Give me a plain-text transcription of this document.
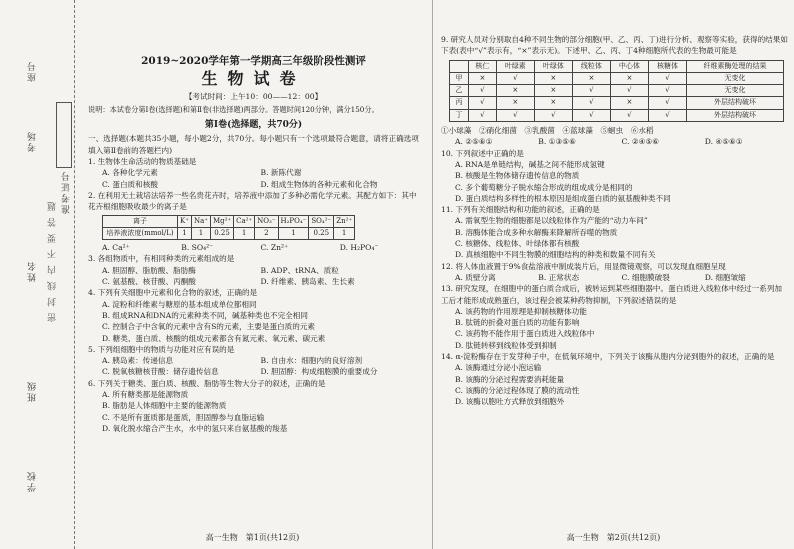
准考证号
学校
班级
姓名
考场
座号
密 封 线 内 不 要 答 题
2019~2020学年第一学期高三年级阶段性测评
生物试卷
【考试时间：上午10：00——12：00】
说明：本试卷分第Ⅰ卷(选择题)和第Ⅱ卷(非选择题)两部分。答题时间120分钟，满分150分。
第Ⅰ卷(选择题，共70分)
一、选择题(本题共35小题，每小题2分，共70分。每小题只有一个选项最符合题意，请将正确选项填入第Ⅱ卷前的答题栏内)
1. 生物体生命活动的物质基础是
A. 各种化学元素	B. 新陈代谢
C. 蛋白质和核酸	D. 组成生物体的各种元素和化合物
2. 在利用无土栽培法培养一些名贵花卉时，培养液中添加了多种必需化学元素。其配方如下：其中花卉根细胞吸收最少的离子是
离子	K⁺	Na⁺	Mg²⁺	Ca²⁺	NO₃⁻	H₂PO₄⁻	SO₄²⁻	Zn²⁺
培养液浓度(mmol/L)	1	1	0.25	1	2	1	0.25	1
A. Ca²⁺	B. SO₄²⁻	C. Zn²⁺	D. H₂PO₄⁻
3. 各组物质中，有相同种类的元素组成的是
A. 胆固醇、脂肪酸、脂肪酶	B. ADP、tRNA、质粒
C. 氨基酸、核苷酸、丙酮酸	D. 纤维素、胰岛素、生长素
4. 下列有关细胞中元素和化合物的叙述，正确的是
A. 淀粉和纤维素与糖原的基本组成单位都相同
B. 组成RNA和DNA的元素种类不同，碱基种类也不完全相同
C. 控制合子中含氧的元素中含有S的元素，主要是蛋白质的元素
D. 糖类、蛋白质、核酸的组成元素都含有氮元素、氧元素、碳元素
5. 下列组细胞中的物质与功能对应有误的是
A. 胰岛素：传递信息	B. 自由水：细胞内的良好溶剂
C. 脱氧核糖核苷酸：储存遗传信息	D. 胆固醇：构成细胞膜的重要成分
6. 下列关于糖类、蛋白质、核酸、脂肪等生物大分子的叙述，正确的是
A. 所有糖类都是能源物质
B. 脂肪是人体细胞中主要的能源物质
C. 不是所有蛋质都是蛋质，胆固醇参与血脂运输
D. 氧化脱水缩合产生水，水中的氢只来自氨基酸的羧基
高一生物　第1页(共12页)
9. 研究人员对分别取自4种不同生物的部分细胞(甲、乙、丙、丁)进行分析、观察等实验，获得的结果如下表(表中“√”表示有，“×”表示无)。下述甲、乙、丙、丁4种细胞所代表的生物最可能是
	核仁	叶绿素	叶绿体	线粒体	中心体	核糖体	纤维素酶处理的结果
甲	×	√	×	×	×	√	无变化
乙	√	×	×	√	√	√	无变化
丙	√	×	×	√	×	√	外层结构破坏
丁	√	√	√	√	√	√	外层结构破坏
①小球藻　②硝化细菌　③乳酸菌　④蓝球藻　⑤蛔虫　⑥水稻
A. ②⑤⑥①	B. ①③⑤⑥	C. ②④⑤⑥	D. ④⑤⑥①
10. 下列叙述中正确的是
A. RNA是单链结构，碱基之间不能形成氢键
B. 核酸是生物体储存遗传信息的物质
C. 多个葡萄糖分子脱水缩合形成的组成成分是相同的
D. 蛋白质结构多样性的根本原因是组成蛋白质的氨基酸种类不同
11. 下列有关细胞结构和功能的叙述，正确的是
A. 需氧型生物的细胞都是以线粒体作为产能的“动力车间”
B. 溶酶体能合成多种水解酶来降解所吞噬的物质
C. 核糖体、线粒体、叶绿体都有核酸
D. 真核细胞中不同生物膜的细胞结构的种类和数量不同有关
12. 将人体血液置于9%食盐溶液中制成装片后，用显微镜观察，可以发现血细胞呈现
A. 质壁分离	B. 正常状态	C. 细胞膜破裂	D. 细胞皱缩
13. 研究发现，在细胞中的蛋白质合成后，被转运到某些细胞器中。蛋白质进入线粒体中经过一系列加工后才能形成成熟蛋白，该过程会被某种药物抑制，下列叙述错误的是
A. 该药物的作用原理是抑制核糖体功能
B. 肽链的折叠对蛋白质的功能有影响
C. 该药物不能作用于蛋白质进入线粒体中
D. 肽链转移到线粒体受到抑制
14. α-淀粉酶存在于发芽种子中，在低氧环境中，下列关于该酶从胞内分泌到胞外的叙述，正确的是
A. 该酶通过分泌小泡运输
B. 该酶的分泌过程需要消耗能量
C. 该酶的分泌过程体现了膜的流动性
D. 该酶以胞吐方式释放到细胞外
高一生物　第2页(共12页)
